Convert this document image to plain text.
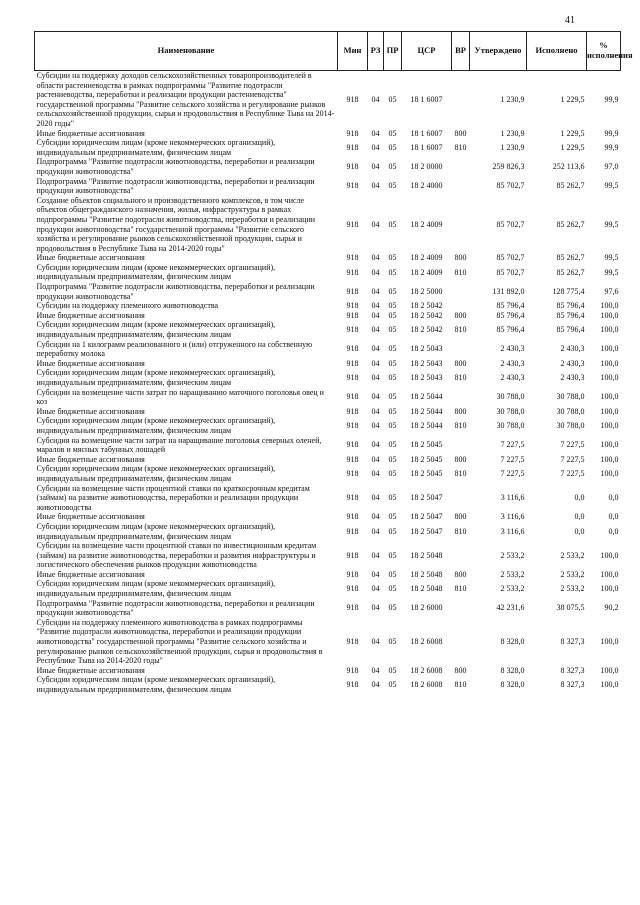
41
Наименование	Мин	РЗ	ПР	ЦСР	ВР	Утверждено	Исполнено	% исполнения
Субсидии на поддержку доходов сельскохозяйственных товаропроизводителей в области растениеводства в рамках подпрограммы "Развитие подотрасли растениеводства, переработки и реализации продукции растениеводства" государственной программы "Развитие сельского хозяйства и регулирование рынков сельскохозяйственной продукции, сырья и продовольствия в Республике Тыва на 2014-2020 годы"	918	04	05	18 1 6007		1 230,9	1 229,5	99,9
Иные бюджетные ассигнования	918	04	05	18 1 6007	800	1 230,9	1 229,5	99,9
Субсидии юридическим лицам (кроме некоммерческих организаций), индивидуальным предпринимателям, физическим лицам	918	04	05	18 1 6007	810	1 230,9	1 229,5	99,9
Подпрограмма "Развитие подотрасли животноводства, переработки и реализации продукции животноводства"	918	04	05	18 2 0000		259 826,3	252 113,6	97,0
Подпрограмма "Развитие подотрасли животноводства, переработки и реализации продукции животноводства"	918	04	05	18 2 4000		85 702,7	85 262,7	99,5
Создание объектов социального и производственного комплексов, в том числе объектов общегражданского назначения, жилья, инфраструктуры в рамках подпрограммы "Развитие подотрасли животноводства, переработки и реализации продукции животноводства" государственной программы "Развитие сельского хозяйства и регулирование рынков сельскохозяйственной продукции, сырья и продовольствия в Республике Тыва на 2014-2020 годы"	918	04	05	18 2 4009		85 702,7	85 262,7	99,5
Иные бюджетные ассигнования	918	04	05	18 2 4009	800	85 702,7	85 262,7	99,5
Субсидии юридическим лицам (кроме некоммерческих организаций), индивидуальным предпринимателям, физическим лицам	918	04	05	18 2 4009	810	85 702,7	85 262,7	99,5
Подпрограмма "Развитие подотрасли животноводства, переработки и реализации продукции животноводства"	918	04	05	18 2 5000		131 892,0	128 775,4	97,6
Субсидии на поддержку племенного животноводства	918	04	05	18 2 5042		85 796,4	85 796,4	100,0
Иные бюджетные ассигнования	918	04	05	18 2 5042	800	85 796,4	85 796,4	100,0
Субсидии юридическим лицам (кроме некоммерческих организаций), индивидуальным предпринимателям, физическим лицам	918	04	05	18 2 5042	810	85 796,4	85 796,4	100,0
Субсидии на 1 килограмм реализованного и (или) отгруженного на собственную переработку молока	918	04	05	18 2 5043		2 430,3	2 430,3	100,0
Иные бюджетные ассигнования	918	04	05	18 2 5043	800	2 430,3	2 430,3	100,0
Субсидии юридическим лицам (кроме некоммерческих организаций), индивидуальным предпринимателям, физическим лицам	918	04	05	18 2 5043	810	2 430,3	2 430,3	100,0
Субсидии на возмещение части затрат по наращиванию маточного поголовья овец и коз	918	04	05	18 2 5044		30 788,0	30 788,0	100,0
Иные бюджетные ассигнования	918	04	05	18 2 5044	800	30 788,0	30 788,0	100,0
Субсидии юридическим лицам (кроме некоммерческих организаций), индивидуальным предпринимателям, физическим лицам	918	04	05	18 2 5044	810	30 788,0	30 788,0	100,0
Субсидия на возмещение части затрат на наращивание поголовья северных оленей, маралов и мясных табунных лошадей	918	04	05	18 2 5045		7 227,5	7 227,5	100,0
Иные бюджетные ассигнования	918	04	05	18 2 5045	800	7 227,5	7 227,5	100,0
Субсидии юридическим лицам (кроме некоммерческих организаций), индивидуальным предпринимателям, физическим лицам	918	04	05	18 2 5045	810	7 227,5	7 227,5	100,0
Субсидии на возмещение части процентной ставки по краткосрочным кредитам (займам) на развитие животноводства, переработки и реализации продукции животноводства	918	04	05	18 2 5047		3 116,6	0,0	0,0
Иные бюджетные ассигнования	918	04	05	18 2 5047	800	3 116,6	0,0	0,0
Субсидии юридическим лицам (кроме некоммерческих организаций), индивидуальным предпринимателям, физическим лицам	918	04	05	18 2 5047	810	3 116,6	0,0	0,0
Субсидии на возмещение части процентной ставки по инвестиционным кредитам (займам) на развитие животноводства, переработки и развития инфраструктуры и логистического обеспечения рынков продукции животноводства	918	04	05	18 2 5048		2 533,2	2 533,2	100,0
Иные бюджетные ассигнования	918	04	05	18 2 5048	800	2 533,2	2 533,2	100,0
Субсидии юридическим лицам (кроме некоммерческих организаций), индивидуальным предпринимателям, физическим лицам	918	04	05	18 2 5048	810	2 533,2	2 533,2	100,0
Подпрограмма "Развитие подотрасли животноводства, переработки и реализации продукции животноводства"	918	04	05	18 2 6000		42 231,6	38 075,5	90,2
Субсидии на поддержку племенного животноводства в рамках подпрограммы "Развитие подотрасли животноводства, переработки и реализации продукции животноводства" государственной программы "Развитие сельского хозяйства и регулирование рынков сельскохозяйственной продукции, сырья и продовольствия в Республике Тыва на 2014-2020 годы"	918	04	05	18 2 6008		8 328,0	8 327,3	100,0
Иные бюджетные ассигнования	918	04	05	18 2 6008	800	8 328,0	8 327,3	100,0
Субсидии юридическим лицам (кроме некоммерческих организаций), индивидуальным предпринимателям, физическим лицам	918	04	05	18 2 6008	810	8 328,0	8 327,3	100,0
